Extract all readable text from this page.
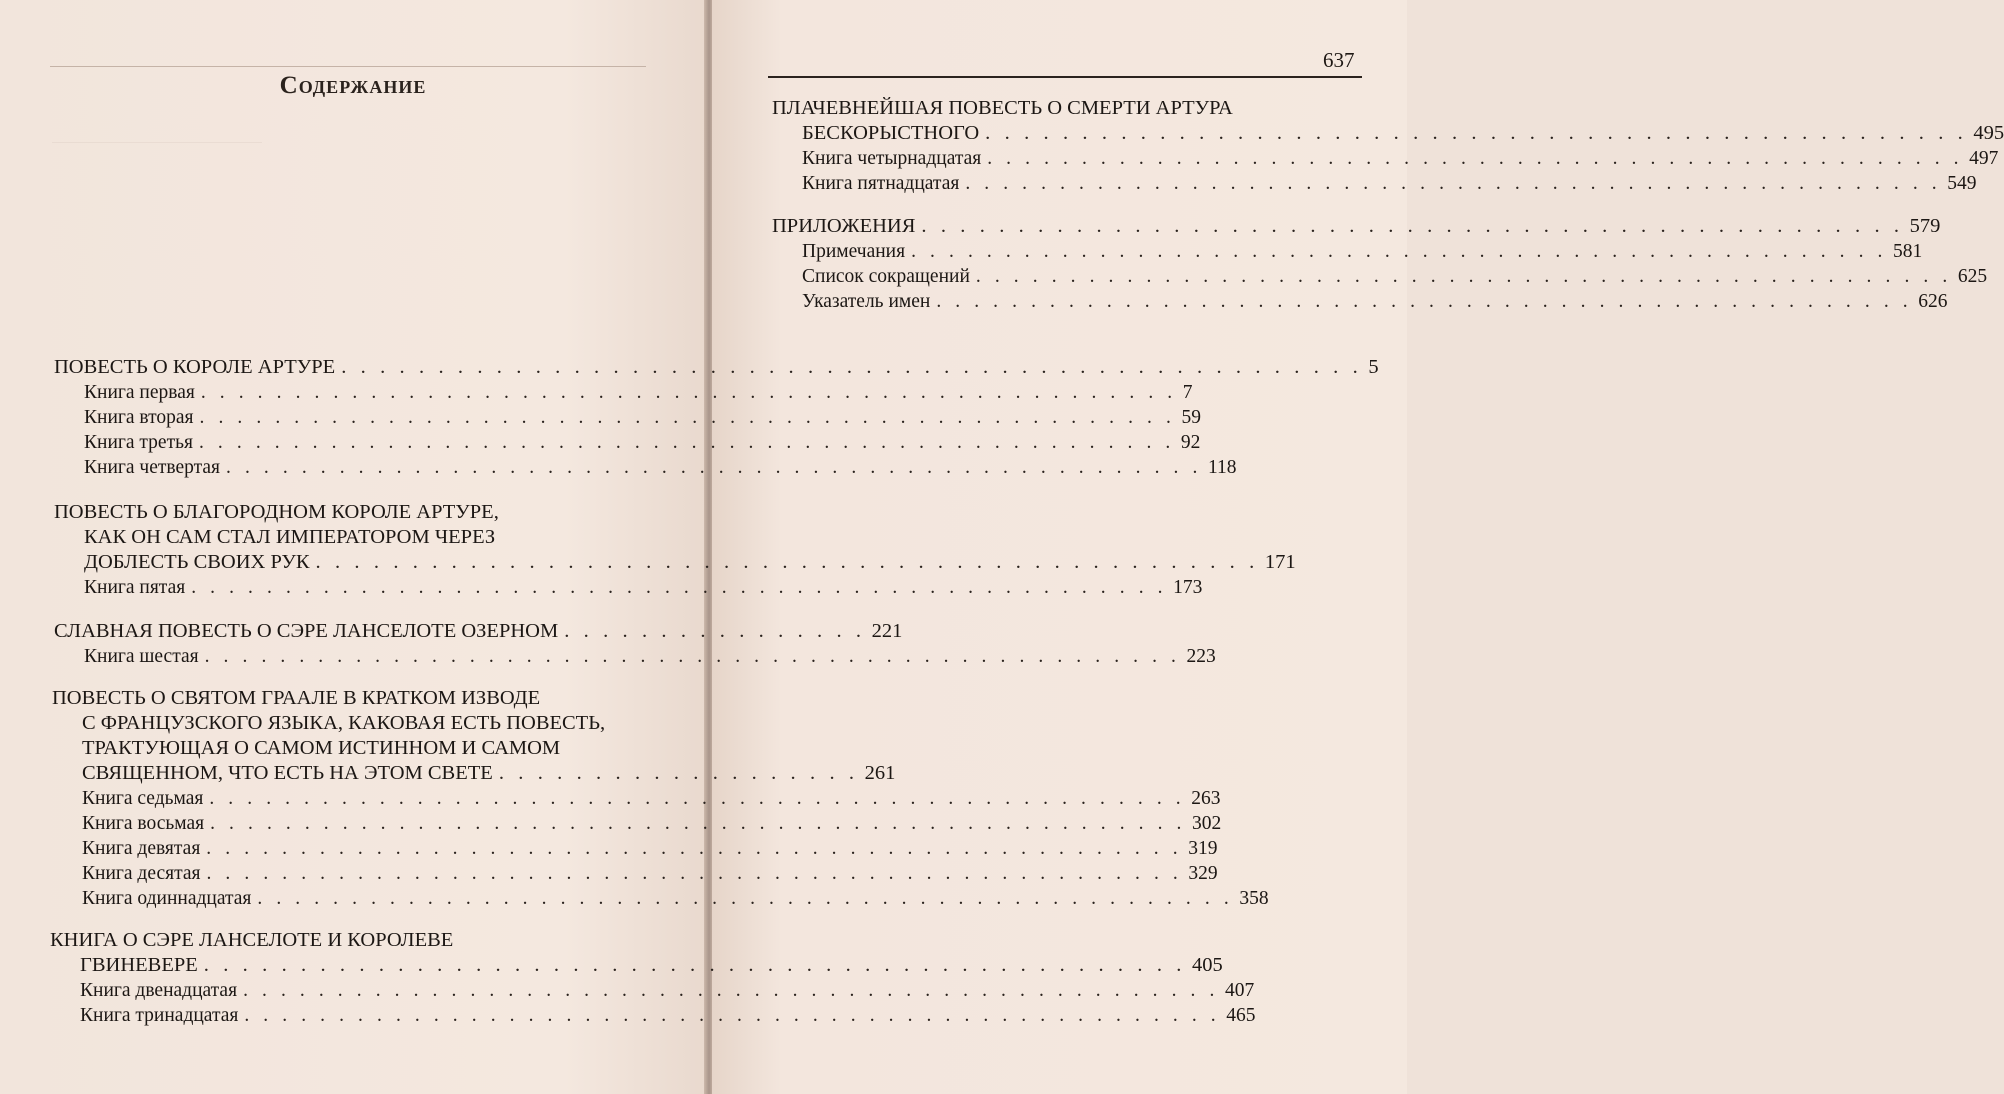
Содержание
637
ПОВЕСТЬ О КОРОЛЕ АРТУРЕ . . . . . . . . . . . . . . . . . . . . . . . . . . . . . . . . . . . . . . . . . . . . . . . . . . . . . 5
Книга первая . . . . . . . . . . . . . . . . . . . . . . . . . . . . . . . . . . . . . . . . . . . . . . . . . . . . 7
Книга вторая . . . . . . . . . . . . . . . . . . . . . . . . . . . . . . . . . . . . . . . . . . . . . . . . . . . . 59
Книга третья . . . . . . . . . . . . . . . . . . . . . . . . . . . . . . . . . . . . . . . . . . . . . . . . . . . . 92
Книга четвертая . . . . . . . . . . . . . . . . . . . . . . . . . . . . . . . . . . . . . . . . . . . . . . . . . . . . 118
ПОВЕСТЬ О БЛАГОРОДНОМ КОРОЛЕ АРТУРЕ,
КАК ОН САМ СТАЛ ИМПЕРАТОРОМ ЧЕРЕЗ
ДОБЛЕСТЬ СВОИХ РУК . . . . . . . . . . . . . . . . . . . . . . . . . . . . . . . . . . . . . . . . . . . . . . . . . 171
Книга пятая . . . . . . . . . . . . . . . . . . . . . . . . . . . . . . . . . . . . . . . . . . . . . . . . . . . . 173
СЛАВНАЯ ПОВЕСТЬ О СЭРЕ ЛАНСЕЛОТЕ ОЗЕРНОМ . . . . . . . . . . . . . . . . 221
Книга шестая . . . . . . . . . . . . . . . . . . . . . . . . . . . . . . . . . . . . . . . . . . . . . . . . . . . . 223
ПОВЕСТЬ О СВЯТОМ ГРААЛЕ В КРАТКОМ ИЗВОДЕ
С ФРАНЦУЗСКОГО ЯЗЫКА, КАКОВАЯ ЕСТЬ ПОВЕСТЬ,
ТРАКТУЮЩАЯ О САМОМ ИСТИННОМ И САМОМ
СВЯЩЕННОМ, ЧТО ЕСТЬ НА ЭТОМ СВЕТЕ . . . . . . . . . . . . . . . . . . . 261
Книга седьмая . . . . . . . . . . . . . . . . . . . . . . . . . . . . . . . . . . . . . . . . . . . . . . . . . . . . 263
Книга восьмая . . . . . . . . . . . . . . . . . . . . . . . . . . . . . . . . . . . . . . . . . . . . . . . . . . . . 302
Книга девятая . . . . . . . . . . . . . . . . . . . . . . . . . . . . . . . . . . . . . . . . . . . . . . . . . . . . 319
Книга десятая . . . . . . . . . . . . . . . . . . . . . . . . . . . . . . . . . . . . . . . . . . . . . . . . . . . . 329
Книга одиннадцатая . . . . . . . . . . . . . . . . . . . . . . . . . . . . . . . . . . . . . . . . . . . . . . . . . . . . 358
КНИГА О СЭРЕ ЛАНСЕЛОТЕ И КОРОЛЕВЕ
ГВИНЕВЕРЕ . . . . . . . . . . . . . . . . . . . . . . . . . . . . . . . . . . . . . . . . . . . . . . . . . . . 405
Книга двенадцатая . . . . . . . . . . . . . . . . . . . . . . . . . . . . . . . . . . . . . . . . . . . . . . . . . . . . 407
Книга тринадцатая . . . . . . . . . . . . . . . . . . . . . . . . . . . . . . . . . . . . . . . . . . . . . . . . . . . . 465
ПЛАЧЕВНЕЙШАЯ ПОВЕСТЬ О СМЕРТИ АРТУРА
БЕСКОРЫСТНОГО . . . . . . . . . . . . . . . . . . . . . . . . . . . . . . . . . . . . . . . . . . . . . . . . . . . 495
Книга четырнадцатая . . . . . . . . . . . . . . . . . . . . . . . . . . . . . . . . . . . . . . . . . . . . . . . . . . . . 497
Книга пятнадцатая . . . . . . . . . . . . . . . . . . . . . . . . . . . . . . . . . . . . . . . . . . . . . . . . . . . . 549
ПРИЛОЖЕНИЯ . . . . . . . . . . . . . . . . . . . . . . . . . . . . . . . . . . . . . . . . . . . . . . . . . . . 579
Примечания . . . . . . . . . . . . . . . . . . . . . . . . . . . . . . . . . . . . . . . . . . . . . . . . . . . . 581
Список сокращений . . . . . . . . . . . . . . . . . . . . . . . . . . . . . . . . . . . . . . . . . . . . . . . . . . . . 625
Указатель имен . . . . . . . . . . . . . . . . . . . . . . . . . . . . . . . . . . . . . . . . . . . . . . . . . . . . 626
